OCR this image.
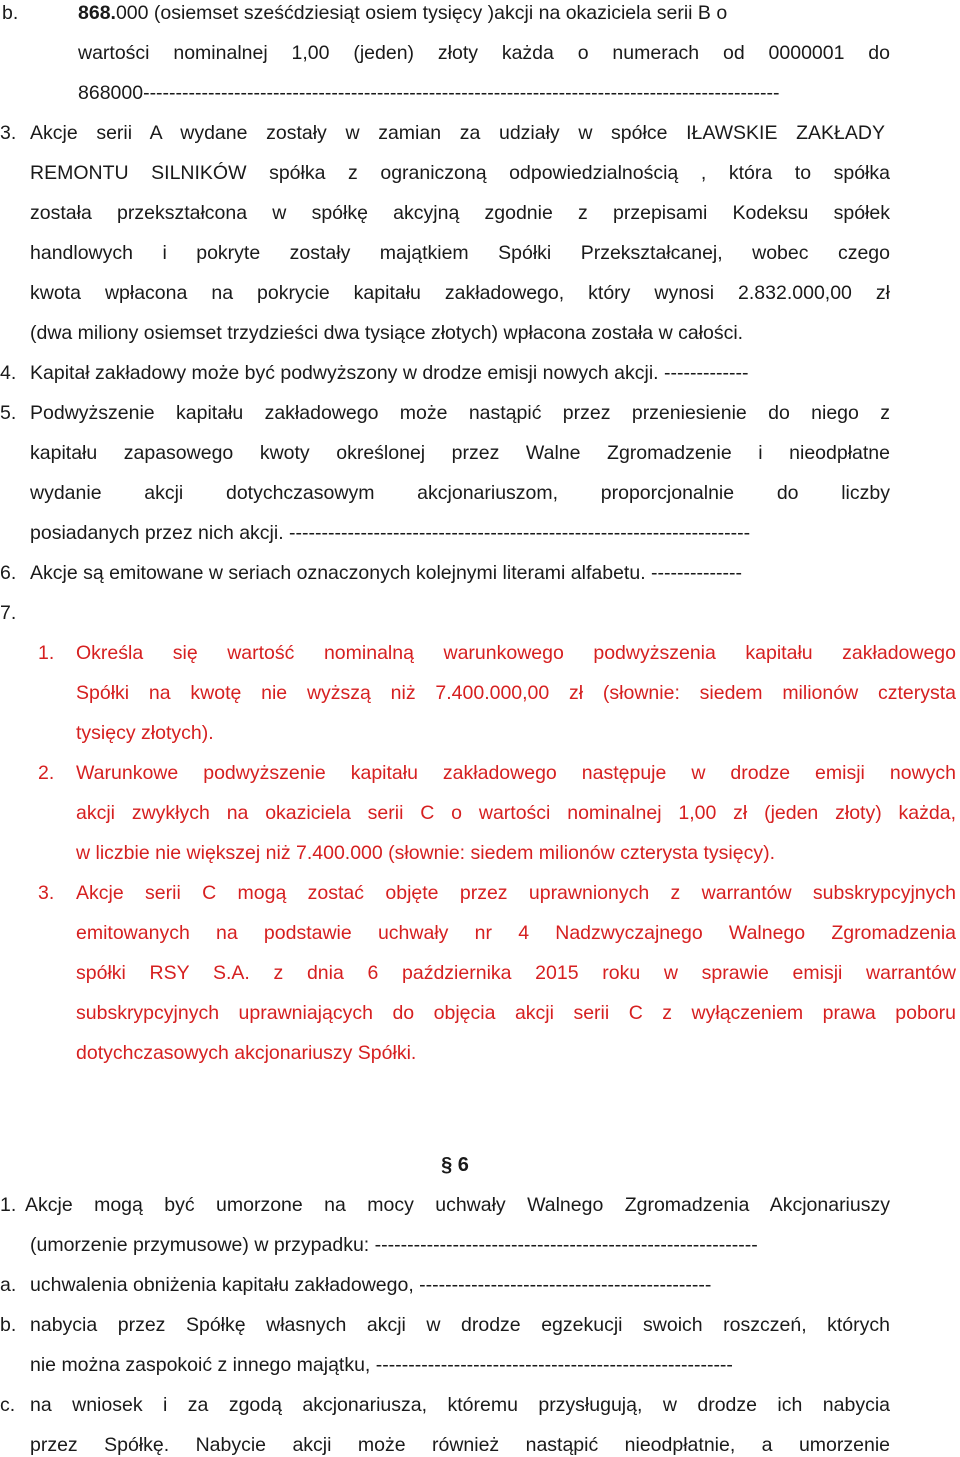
b.	868.000 (osiemset sześćdziesiąt osiem tysięcy )akcji na okaziciela serii B o
wartości nominalnej 1,00 (jeden) złoty każda o numerach od 0000001 do
868000--------------------------------------------------------------------------------------------------
3. Akcje serii A wydane zostały w zamian za udziały w spółce IŁAWSKIE ZAKŁADY
REMONTU SILNIKÓW spółka z ograniczoną odpowiedzialnością , która to spółka
została przekształcona w spółkę akcyjną zgodnie z przepisami Kodeksu spółek
handlowych i pokryte zostały majątkiem Spółki Przekształcanej, wobec czego
kwota wpłacona na pokrycie kapitału zakładowego, który wynosi 2.832.000,00 zł
(dwa miliony osiemset trzydzieści dwa tysiące złotych) wpłacona została w całości.
4. Kapitał zakładowy może być podwyższony w drodze emisji nowych akcji. -------------
5. Podwyższenie kapitału zakładowego może nastąpić przez przeniesienie do niego z
kapitału zapasowego kwoty określonej przez Walne Zgromadzenie i nieodpłatne
wydanie akcji dotychczasowym akcjonariuszom, proporcjonalnie do liczby
posiadanych przez nich akcji. -----------------------------------------------------------------------
6. Akcje są emitowane w seriach oznaczonych kolejnymi literami alfabetu. --------------
7.
1. Określa się wartość nominalną warunkowego podwyższenia kapitału zakładowego
Spółki na kwotę nie wyższą niż 7.400.000,00 zł (słownie: siedem milionów czterysta
tysięcy złotych).
2. Warunkowe podwyższenie kapitału zakładowego następuje w drodze emisji nowych
akcji zwykłych na okaziciela serii C o wartości nominalnej 1,00 zł (jeden złoty) każda,
w liczbie nie większej niż 7.400.000 (słownie: siedem milionów czterysta tysięcy).
3. Akcje serii C mogą zostać objęte przez uprawnionych z warrantów subskrypcyjnych
emitowanych na podstawie uchwały nr 4 Nadzwyczajnego Walnego Zgromadzenia
spółki RSY S.A. z dnia 6 października 2015 roku w sprawie emisji warrantów
subskrypcyjnych uprawniających do objęcia akcji serii C z wyłączeniem prawa poboru
dotychczasowych akcjonariuszy Spółki.
§ 6
1. Akcje mogą być umorzone na mocy uchwały Walnego Zgromadzenia Akcjonariuszy
(umorzenie przymusowe) w przypadku: -----------------------------------------------------------
a. uchwalenia obniżenia kapitału zakładowego, ---------------------------------------------
b. nabycia przez Spółkę własnych akcji w drodze egzekucji swoich roszczeń, których
nie można zaspokoić z innego majątku, -------------------------------------------------------
c. na wniosek i za zgodą akcjonariusza, któremu przysługują, w drodze ich nabycia
przez Spółkę. Nabycie akcji może również nastąpić nieodpłatnie, a umorzenie
